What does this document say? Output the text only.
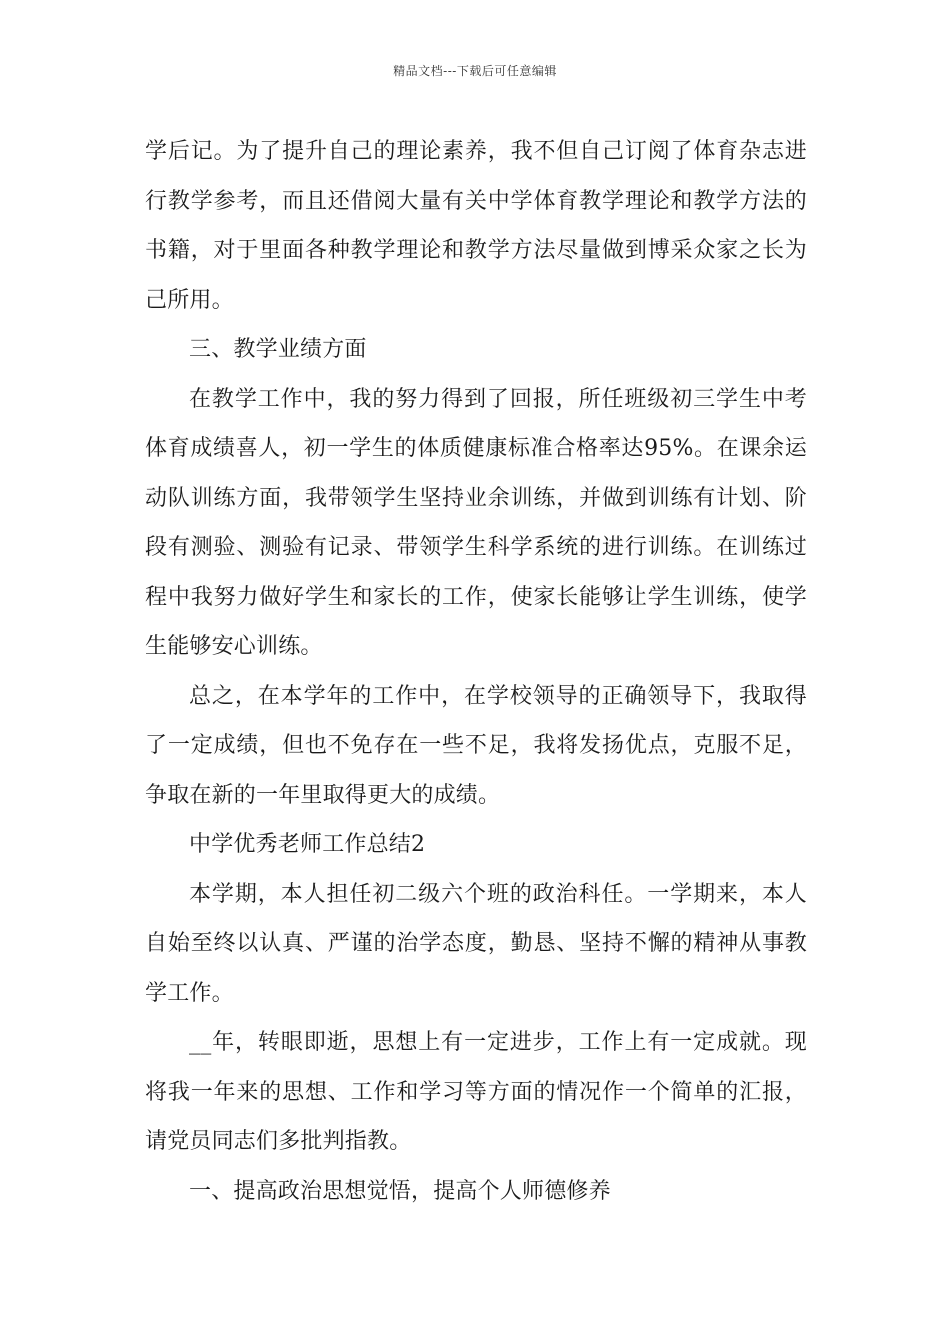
精品文档---下载后可任意编辑

学后记。为了提升自己的理论素养，我不但自己订阅了体育杂志进行教学参考，而且还借阅大量有关中学体育教学理论和教学方法的书籍，对于里面各种教学理论和教学方法尽量做到博采众家之长为己所用。

三、教学业绩方面

在教学工作中，我的努力得到了回报，所任班级初三学生中考体育成绩喜人，初一学生的体质健康标准合格率达95%。在课余运动队训练方面，我带领学生坚持业余训练，并做到训练有计划、阶段有测验、测验有记录、带领学生科学系统的进行训练。在训练过程中我努力做好学生和家长的工作，使家长能够让学生训练，使学生能够安心训练。

总之，在本学年的工作中，在学校领导的正确领导下，我取得了一定成绩，但也不免存在一些不足，我将发扬优点，克服不足，争取在新的一年里取得更大的成绩。

中学优秀老师工作总结2

本学期，本人担任初二级六个班的政治科任。一学期来，本人自始至终以认真、严谨的治学态度，勤恳、坚持不懈的精神从事教学工作。

__年，转眼即逝，思想上有一定进步，工作上有一定成就。现将我一年来的思想、工作和学习等方面的情况作一个简单的汇报，请党员同志们多批判指教。

一、提高政治思想觉悟，提高个人师德修养
